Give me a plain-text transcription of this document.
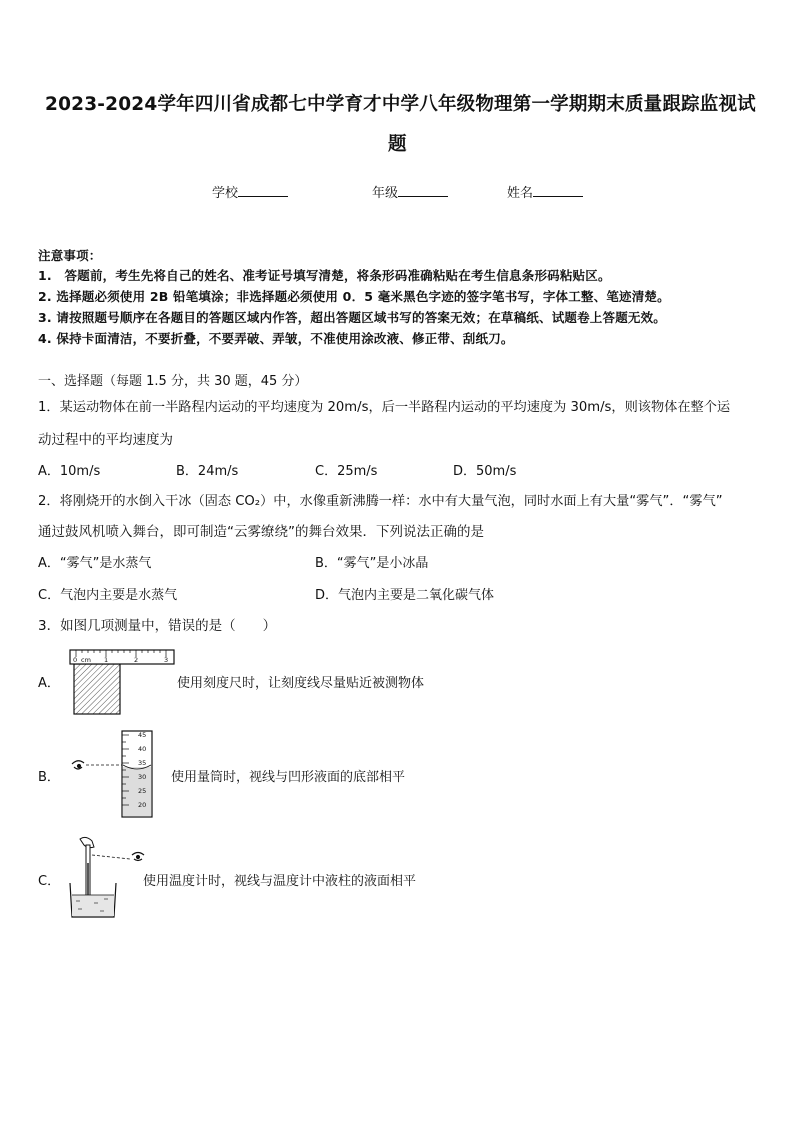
2023-2024学年四川省成都七中学育才中学八年级物理第一学期期末质量跟踪监视试
题
学校	年级	姓名
注意事项：
1.　答题前，考生先将自己的姓名、准考证号填写清楚，将条形码准确粘贴在考生信息条形码粘贴区。
2. 选择题必须使用 2B 铅笔填涂；非选择题必须使用 0．5 毫米黑色字迹的签字笔书写，字体工整、笔迹清楚。
3. 请按照题号顺序在各题目的答题区域内作答，超出答题区域书写的答案无效；在草稿纸、试题卷上答题无效。
4. 保持卡面清洁，不要折叠，不要弄破、弄皱，不准使用涂改液、修正带、刮纸刀。
一、选择题（每题 1.5 分，共 30 题，45 分）
1．某运动物体在前一半路程内运动的平均速度为 20m/s，后一半路程内运动的平均速度为 30m/s，则该物体在整个运
动过程中的平均速度为
A．10m/s	B．24m/s	C．25m/s	D．50m/s
2．将刚烧开的水倒入干冰（固态 CO₂）中，水像重新沸腾一样：水中有大量气泡，同时水面上有大量“雾气”．“雾气”
通过鼓风机喷入舞台，即可制造“云雾缭绕”的舞台效果．下列说法正确的是
A．“雾气”是水蒸气	B．“雾气”是小冰晶
C．气泡内主要是水蒸气	D．气泡内主要是二氧化碳气体
3．如图几项测量中，错误的是（　　）
A．
0 cm 1	2	3
使用刻度尺时，让刻度线尽量贴近被测物体
B．
45
40
35
30
25
20
使用量筒时，视线与凹形液面的底部相平
C．	使用温度计时，视线与温度计中液柱的液面相平
